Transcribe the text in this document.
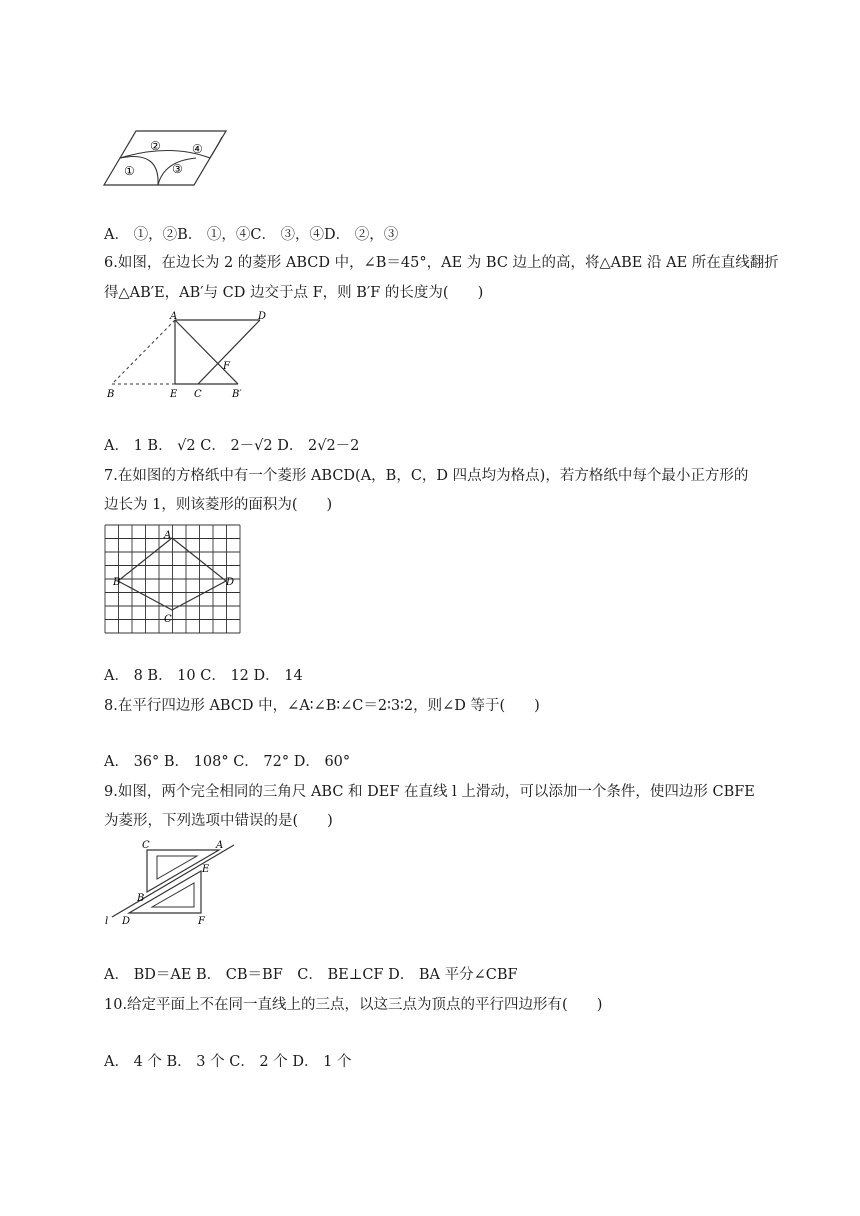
①
②
③
④
A． ①，②B． ①，④C． ③，④D． ②，③
6.如图，在边长为 2 的菱形 ABCD 中，∠B＝45°，AE 为 BC 边上的高，将△ABE 沿 AE 所在直线翻折
得△AB′E，AB′与 CD 边交于点 F，则 B′F 的长度为(　　)
A	D
F
B	E C	B′
A． 1 B． √2 C． 2－√2 D． 2√2－2
7.在如图的方格纸中有一个菱形 ABCD(A，B，C，D 四点均为格点)，若方格纸中每个最小正方形的
边长为 1，则该菱形的面积为(　　)
A
B
C
D
A． 8 B． 10 C． 12 D． 14
8.在平行四边形 ABCD 中，∠A∶∠B∶∠C＝2∶3∶2，则∠D 等于(　　)
A． 36° B． 108° C． 72° D． 60°
9.如图，两个完全相同的三角尺 ABC 和 DEF 在直线 l 上滑动，可以添加一个条件，使四边形 CBFE
为菱形，下列选项中错误的是(　　)
C	A
E
B
l D	F
A． BD＝AE B． CB＝BF　C． BE⊥CF D． BA 平分∠CBF
10.给定平面上不在同一直线上的三点，以这三点为顶点的平行四边形有(　　)
A． 4 个 B． 3 个 C． 2 个 D． 1 个
